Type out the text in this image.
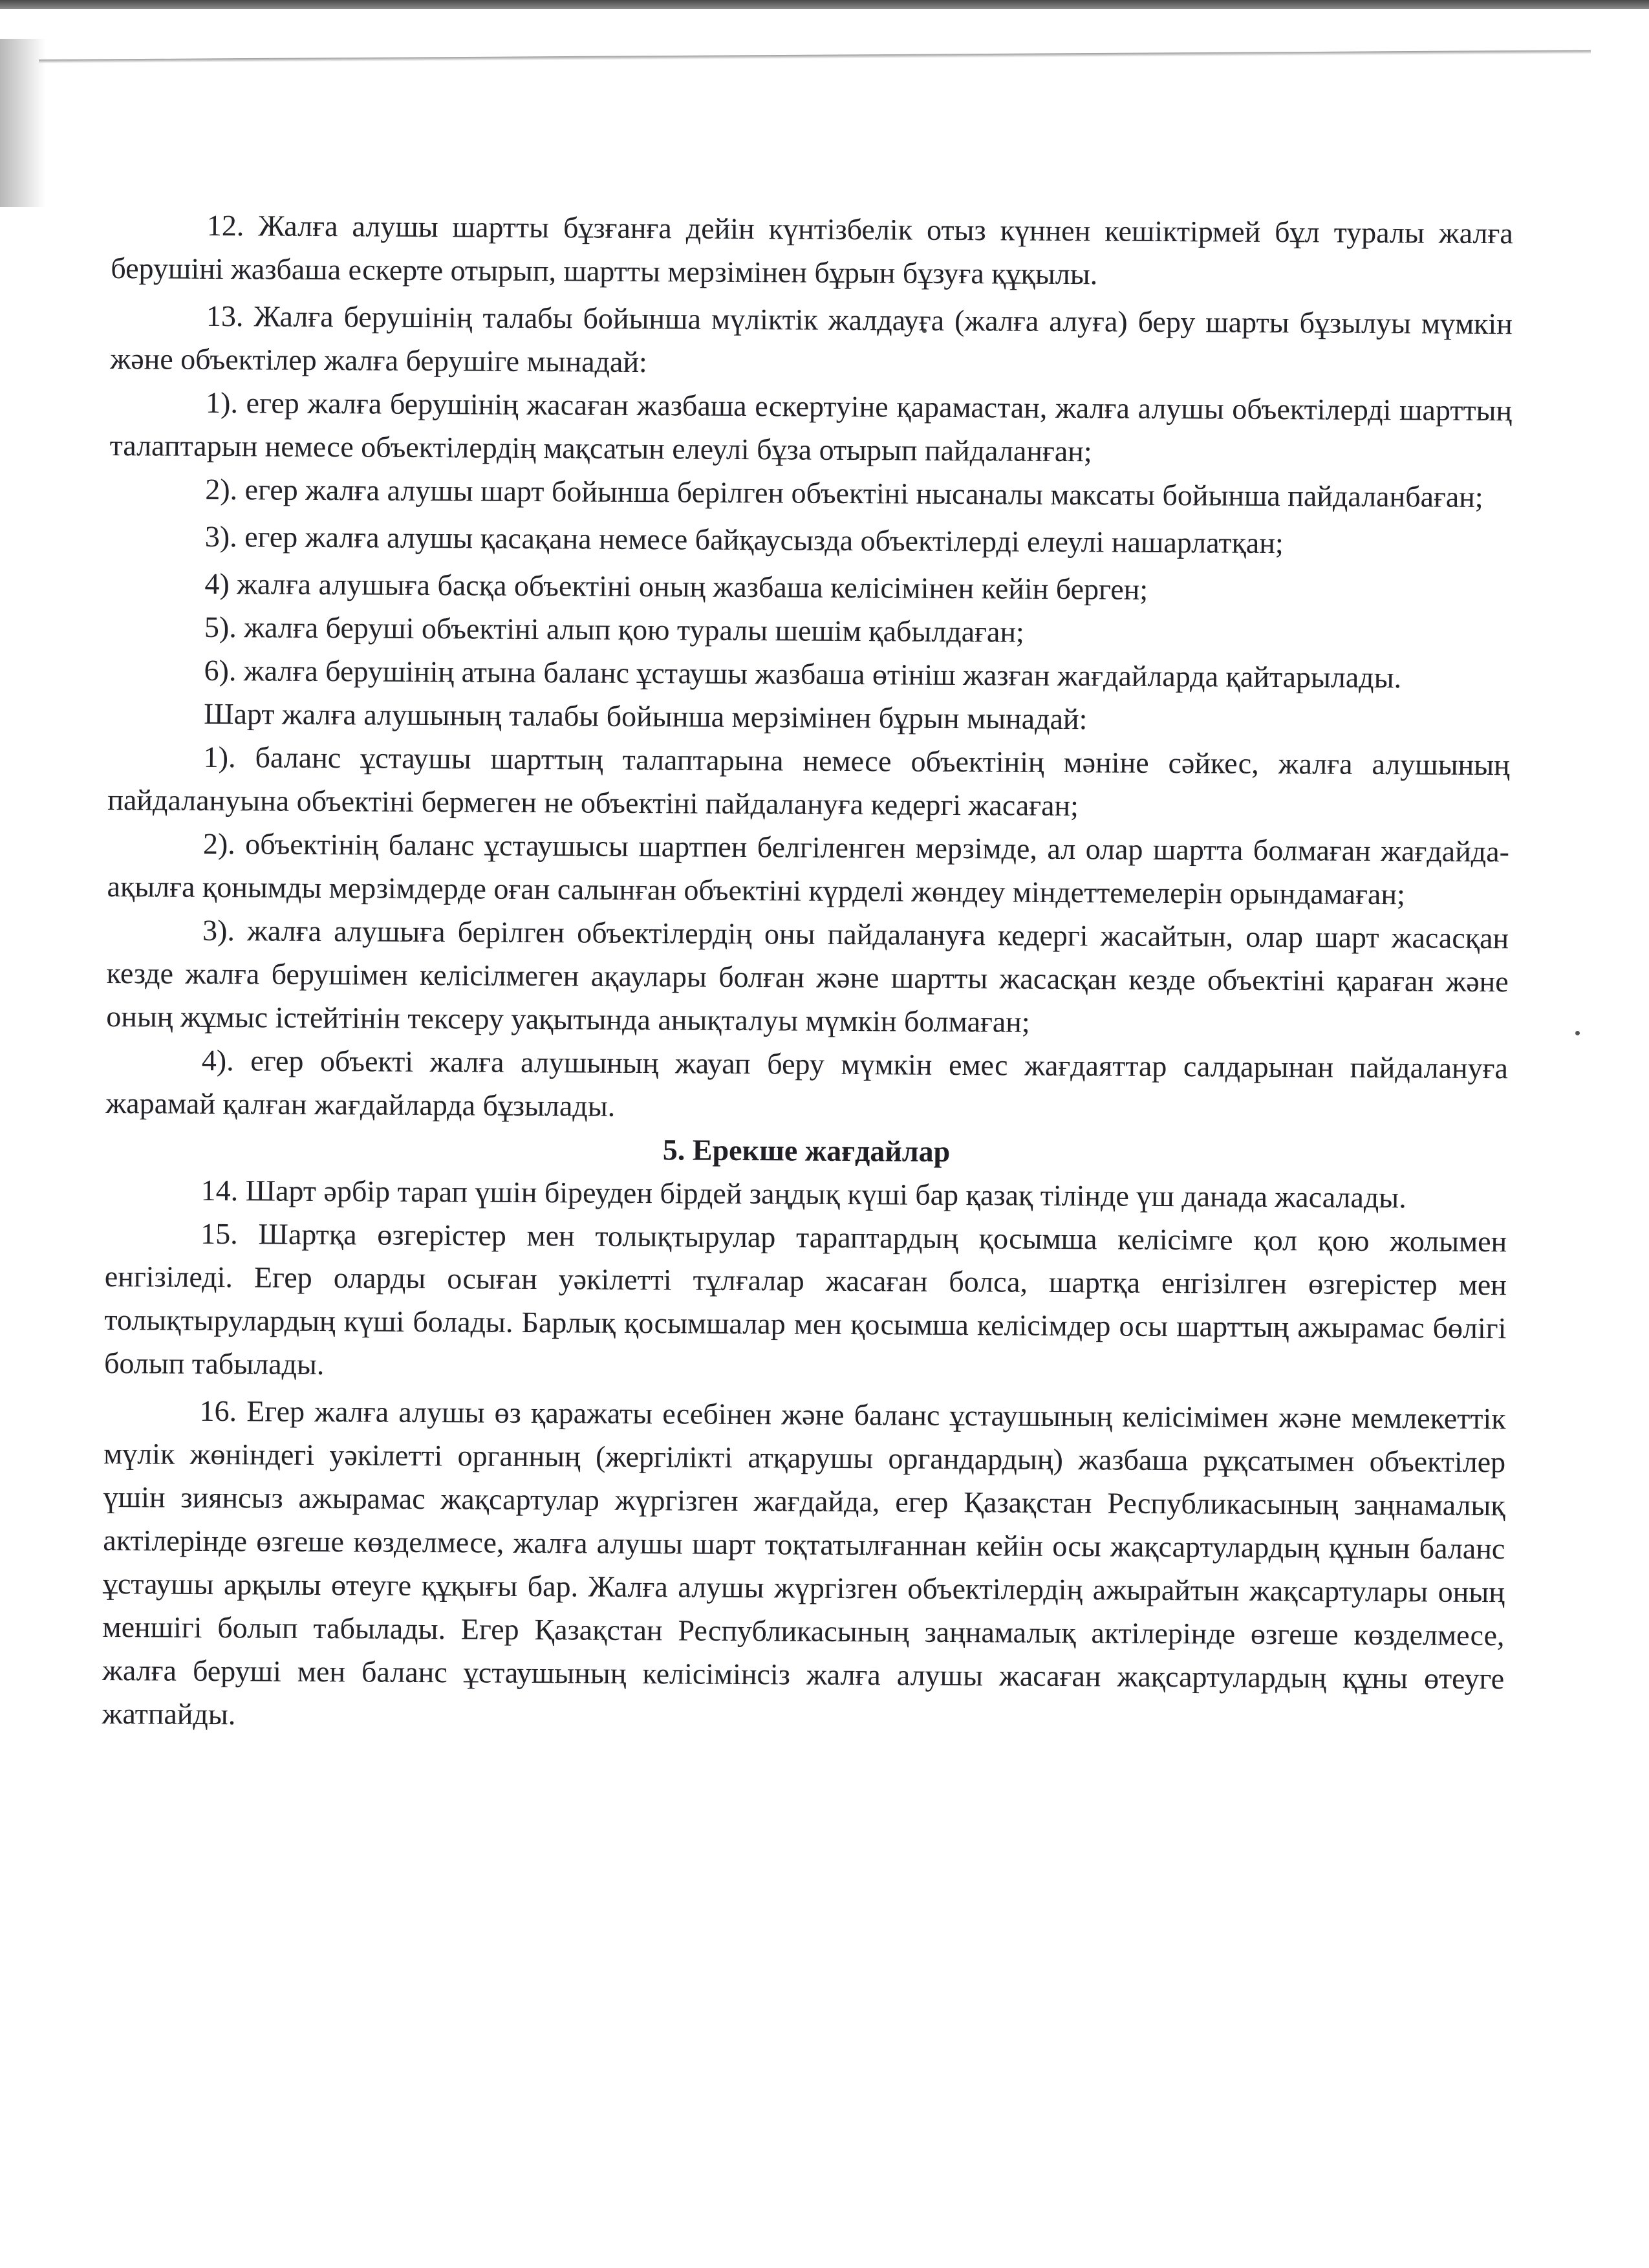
12. Жалға алушы шартты бұзғанға дейін күнтізбелік отыз күннен кешіктірмей бұл туралы жалға берушіні жазбаша ескерте отырып, шартты мерзімінен бұрын бұзуға құқылы.

13. Жалға берушінің талабы бойынша мүліктік жалдауға (жалға алуға) беру шарты бұзылуы мүмкін және объектілер жалға берушіге мынадай:

1). егер жалға берушінің жасаған жазбаша ескертуіне қарамастан, жалға алушы объектілерді шарттың талаптарын немесе объектілердің мақсатын елеулі бұза отырып пайдаланған;

2). егер жалға алушы шарт бойынша берілген объектіні нысаналы максаты бойынша пайдаланбаған;

3). егер жалға алушы қасақана немесе байқаусызда объектілерді елеулі нашарлатқан;

4) жалға алушыға басқа объектіні оның жазбаша келісімінен кейін берген;

5). жалға беруші объектіні алып қою туралы шешім қабылдаған;

6). жалға берушінің атына баланс ұстаушы жазбаша өтініш жазған жағдайларда қайтарылады.

Шарт жалға алушының талабы бойынша мерзімінен бұрын мынадай:

1). баланс ұстаушы шарттың талаптарына немесе объектінің мәніне сәйкес, жалға алушының пайдалануына объектіні бермеген не объектіні пайдалануға кедергі жасаған;

2). объектінің баланс ұстаушысы шартпен белгіленген мерзімде, ал олар шартта болмаған жағдайда-ақылға қонымды мерзімдерде оған салынған объектіні күрделі жөндеу міндеттемелерін орындамаған;

3). жалға алушыға берілген объектілердің оны пайдалануға кедергі жасайтын, олар шарт жасасқан кезде жалға берушімен келісілмеген ақаулары болған және шартты жасасқан кезде объектіні қараған және оның жұмыс істейтінін тексеру уақытында анықталуы мүмкін болмаған;

4). егер объекті жалға алушының жауап беру мүмкін емес жағдаяттар салдарынан пайдалануға жарамай қалған жағдайларда бұзылады.

5. Ерекше жағдайлар

14. Шарт әрбір тарап үшін біреуден бірдей заңдық күші бар қазақ тілінде үш данада жасалады.

15. Шартқа өзгерістер мен толықтырулар тараптардың қосымша келісімге қол қою жолымен енгізіледі. Егер оларды осыған уәкілетті тұлғалар жасаған болса, шартқа енгізілген өзгерістер мен толықтырулардың күші болады. Барлық қосымшалар мен қосымша келісімдер осы шарттың ажырамас бөлігі болып табылады.

16. Егер жалға алушы өз қаражаты есебінен және баланс ұстаушының келісімімен және мемлекеттік мүлік жөніндегі уәкілетті органның (жергілікті атқарушы органдардың) жазбаша рұқсатымен объектілер үшін зиянсыз ажырамас жақсартулар жүргізген жағдайда, егер Қазақстан Республикасының заңнамалық актілерінде өзгеше көзделмесе, жалға алушы шарт тоқтатылғаннан кейін осы жақсартулардың құнын баланс ұстаушы арқылы өтеуге құқығы бар. Жалға алушы жүргізген объектілердің ажырайтын жақсартулары оның меншігі болып табылады. Егер Қазақстан Республикасының заңнамалық актілерінде өзгеше көзделмесе, жалға беруші мен баланс ұстаушының келісімінсіз жалға алушы жасаған жақсартулардың құны өтеуге жатпайды.
